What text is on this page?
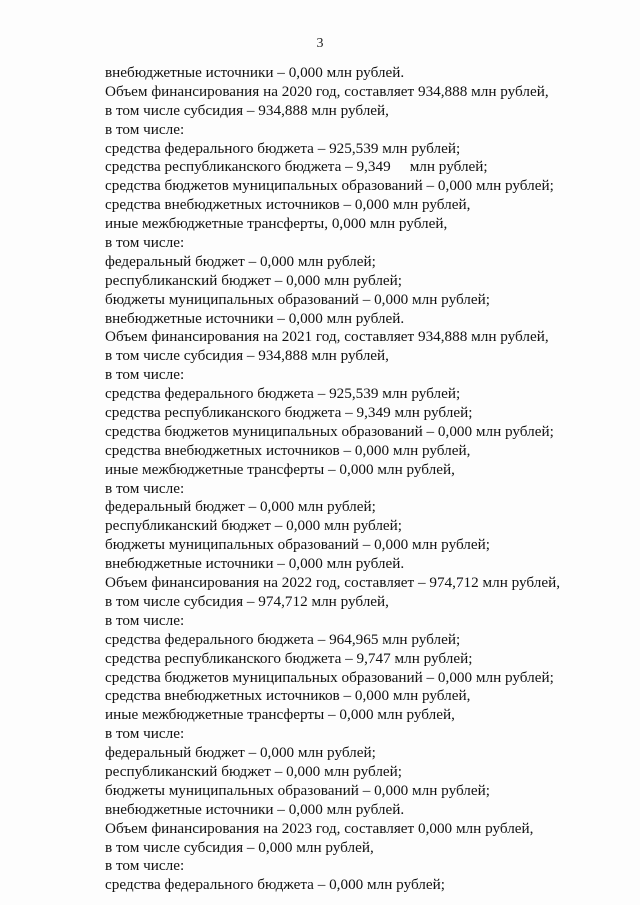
3
внебюджетные источники – 0,000 млн рублей.
Объем финансирования на 2020 год, составляет 934,888 млн рублей,
в том числе субсидия – 934,888 млн рублей,
в том числе:
средства федерального бюджета – 925,539 млн рублей;
средства республиканского бюджета – 9,349     млн рублей;
средства бюджетов муниципальных образований – 0,000 млн рублей;
средства внебюджетных источников – 0,000 млн рублей,
иные межбюджетные трансферты, 0,000 млн рублей,
в том числе:
федеральный бюджет – 0,000 млн рублей;
республиканский бюджет – 0,000 млн рублей;
бюджеты муниципальных образований – 0,000 млн рублей;
внебюджетные источники – 0,000 млн рублей.
Объем финансирования на 2021 год, составляет 934,888 млн рублей,
в том числе субсидия – 934,888 млн рублей,
в том числе:
средства федерального бюджета – 925,539 млн рублей;
средства республиканского бюджета – 9,349 млн рублей;
средства бюджетов муниципальных образований – 0,000 млн рублей;
средства внебюджетных источников – 0,000 млн рублей,
иные межбюджетные трансферты – 0,000 млн рублей,
в том числе:
федеральный бюджет – 0,000 млн рублей;
республиканский бюджет – 0,000 млн рублей;
бюджеты муниципальных образований – 0,000 млн рублей;
внебюджетные источники – 0,000 млн рублей.
Объем финансирования на 2022 год, составляет – 974,712 млн рублей,
в том числе субсидия – 974,712 млн рублей,
в том числе:
средства федерального бюджета – 964,965 млн рублей;
средства республиканского бюджета – 9,747 млн рублей;
средства бюджетов муниципальных образований – 0,000 млн рублей;
средства внебюджетных источников – 0,000 млн рублей,
иные межбюджетные трансферты – 0,000 млн рублей,
в том числе:
федеральный бюджет – 0,000 млн рублей;
республиканский бюджет – 0,000 млн рублей;
бюджеты муниципальных образований – 0,000 млн рублей;
внебюджетные источники – 0,000 млн рублей.
Объем финансирования на 2023 год, составляет 0,000 млн рублей,
в том числе субсидия – 0,000 млн рублей,
в том числе:
средства федерального бюджета – 0,000 млн рублей;
